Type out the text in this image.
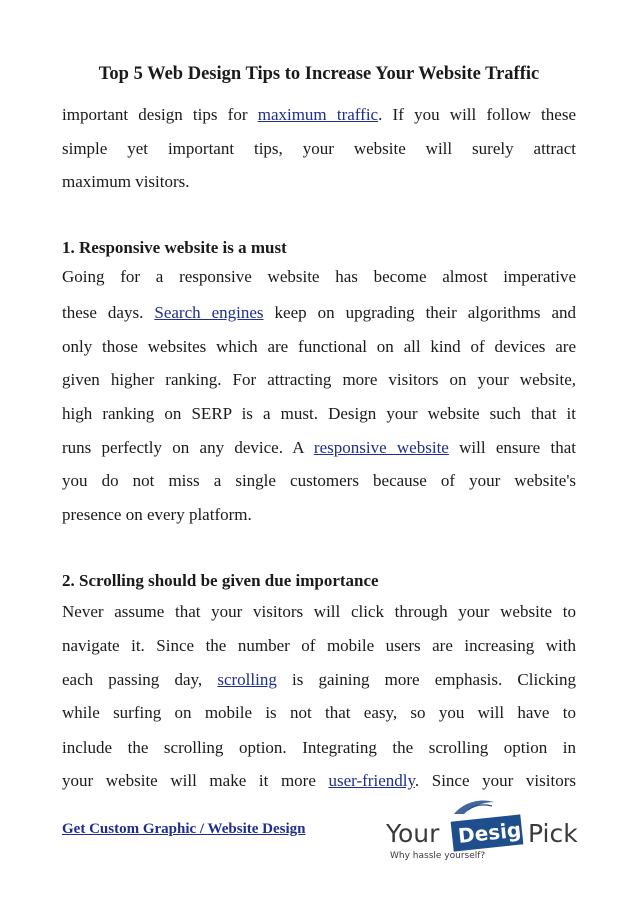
Top 5 Web Design Tips to Increase Your Website Traffic

important design tips for maximum traffic. If you will follow these

simple yet important tips, your website will surely attract

maximum visitors.

1. Responsive website is a must

Going for a responsive website has become almost imperative

these days. Search engines keep on upgrading their algorithms and

only those websites which are functional on all kind of devices are

given higher ranking. For attracting more visitors on your website,

high ranking on SERP is a must. Design your website such that it

runs perfectly on any device. A responsive website will ensure that

you do not miss a single customers because of your website's

presence on every platform.

2. Scrolling should be given due importance

Never assume that your visitors will click through your website to

navigate it. Since the number of mobile users are increasing with

each passing day, scrolling is gaining more emphasis. Clicking

while surfing on mobile is not that easy, so you will have to

include the scrolling option. Integrating the scrolling option in

your website will make it more user-friendly. Since your visitors

Get Custom Graphic / Website Design	Your Design
Pick
Why hassle yourself?
